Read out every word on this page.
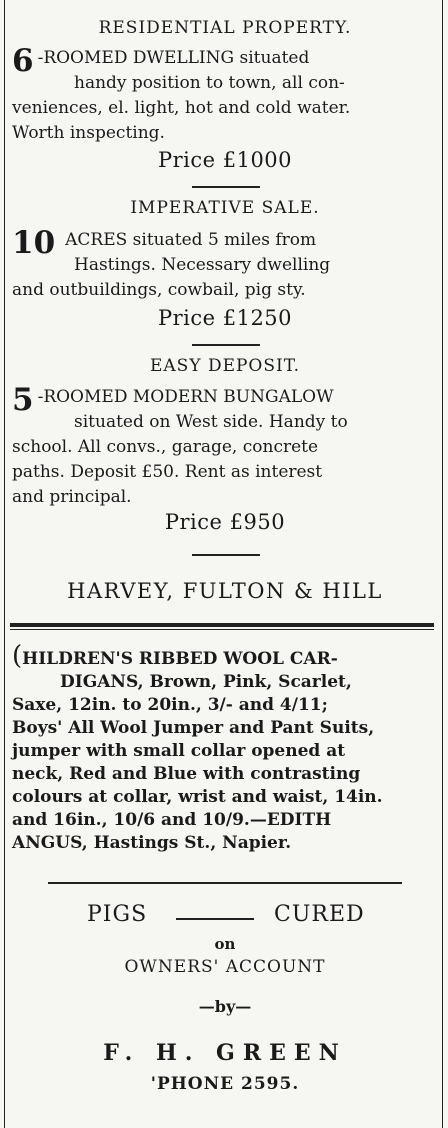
RESIDENTIAL PROPERTY.
6 -ROOMED DWELLING situated
handy position to town, all con-
veniences, el. light, hot and cold water.
Worth inspecting.
Price £1000
IMPERATIVE SALE.
10 ACRES situated 5 miles from
Hastings. Necessary dwelling
and outbuildings, cowbail, pig sty.
Price £1250
EASY DEPOSIT.
5 -ROOMED MODERN BUNGALOW
situated on West side. Handy to
school. All convs., garage, concrete
paths. Deposit £50. Rent as interest
and principal.
Price £950
HARVEY, FULTON & HILL
(HILDREN'S RIBBED WOOL CAR-
DIGANS, Brown, Pink, Scarlet,
Saxe, 12in. to 20in., 3/- and 4/11;
Boys' All Wool Jumper and Pant Suits,
jumper with small collar opened at
neck, Red and Blue with contrasting
colours at collar, wrist and waist, 14in.
and 16in., 10/6 and 10/9.—EDITH
ANGUS, Hastings St., Napier.
PIGS	CURED
on
OWNERS' ACCOUNT
—by—
F. H. GREEN
'PHONE 2595.
